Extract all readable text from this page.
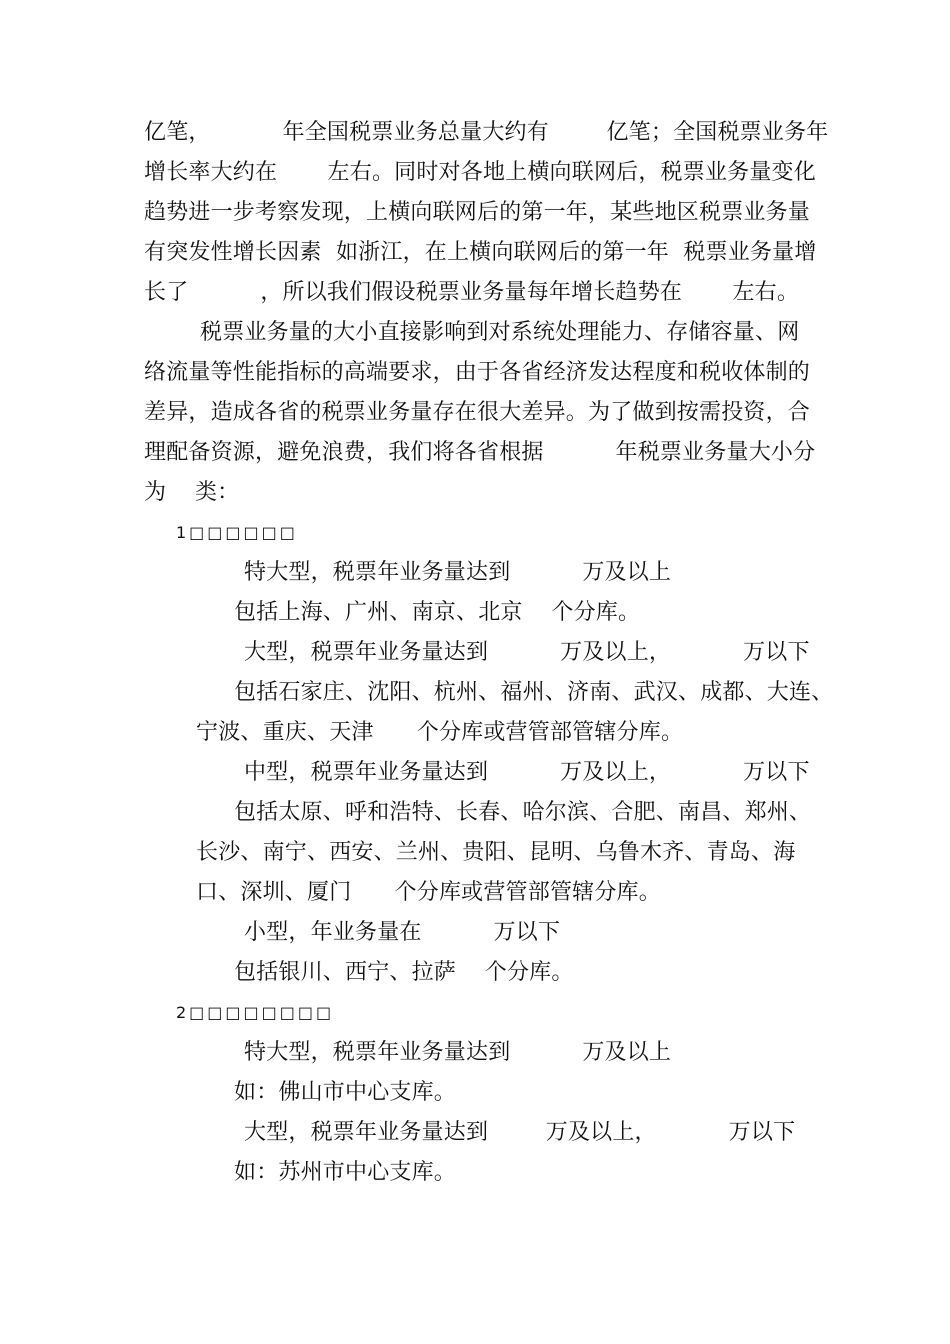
亿笔，          年全国税票业务总量大约有        亿笔；全国税票业务年
增长率大约在       左右。同时对各地上横向联网后，税票业务量变化
趋势进一步考察发现，上横向联网后的第一年，某些地区税票业务量
有突发性增长因素  如浙江，在上横向联网后的第一年  税票业务量增
长了          ，所以我们假设税票业务量每年增长趋势在       左右。
税票业务量的大小直接影响到对系统处理能力、存储容量、网
络流量等性能指标的高端要求，由于各省经济发达程度和税收体制的
差异，造成各省的税票业务量存在很大差异。为了做到按需投资，合
理配备资源，避免浪费，我们将各省根据          年税票业务量大小分
为    类：
1□□□□□□
特大型，税票年业务量达到          万及以上
包括上海、广州、南京、北京    个分库。
大型，税票年业务量达到          万及以上，          万以下
包括石家庄、沈阳、杭州、福州、济南、武汉、成都、大连、
宁波、重庆、天津      个分库或营管部管辖分库。
中型，税票年业务量达到          万及以上，          万以下
包括太原、呼和浩特、长春、哈尔滨、合肥、南昌、郑州、
长沙、南宁、西安、兰州、贵阳、昆明、乌鲁木齐、青岛、海
口、深圳、厦门      个分库或营管部管辖分库。
小型，年业务量在          万以下
包括银川、西宁、拉萨    个分库。
2□□□□□□□□
特大型，税票年业务量达到          万及以上
如：佛山市中心支库。
大型，税票年业务量达到        万及以上，          万以下
如：苏州市中心支库。
